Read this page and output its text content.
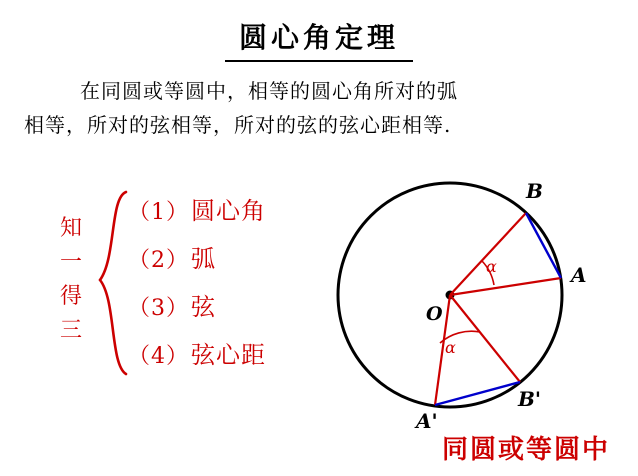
圆心角定理
在同圆或等圆中，相等的圆心角所对的弧
相等，所对的弦相等，所对的弦的弦心距相等.
知
一
得
三
（1）圆心角
（2）弧
（3）弦
（4）弦心距
α
α
O
A
B
A'
B'
同圆或等圆中
